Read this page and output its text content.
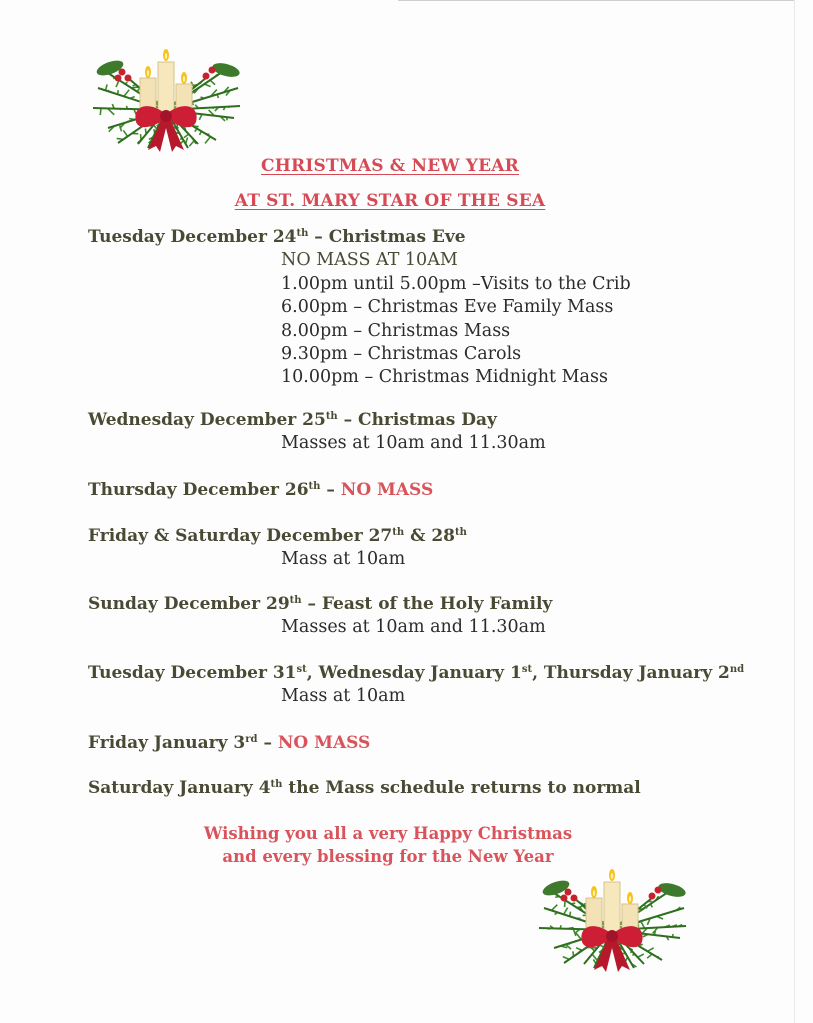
CHRISTMAS & NEW YEAR
AT ST. MARY STAR OF THE SEA
Tuesday December 24th – Christmas Eve
NO MASS AT 10AM
1.00pm until 5.00pm –Visits to the Crib
6.00pm – Christmas Eve Family Mass
8.00pm – Christmas Mass
9.30pm – Christmas Carols
10.00pm – Christmas Midnight Mass
Wednesday December 25th – Christmas Day
Masses at 10am and 11.30am
Thursday December 26th – NO MASS
Friday & Saturday December 27th & 28th
Mass at 10am
Sunday December 29th – Feast of the Holy Family
Masses at 10am and 11.30am
Tuesday December 31st, Wednesday January 1st, Thursday January 2nd
Mass at 10am
Friday January 3rd – NO MASS
Saturday January 4th the Mass schedule returns to normal
Wishing you all a very Happy Christmas
and every blessing for the New Year
